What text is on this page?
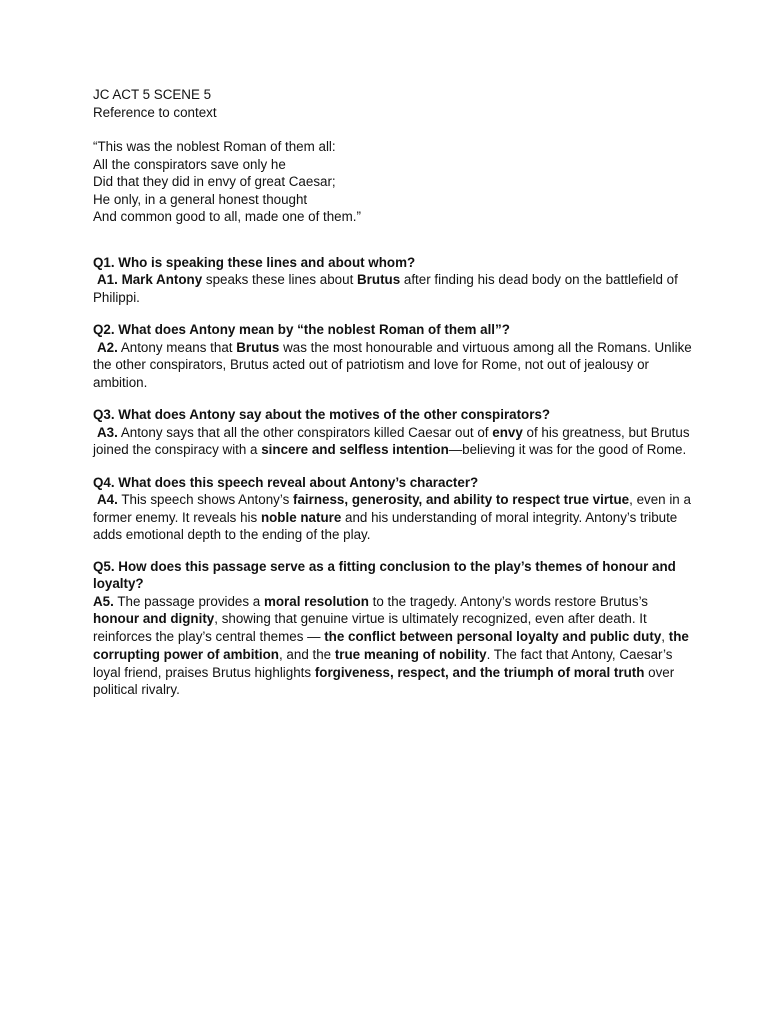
JC ACT 5 SCENE 5

Reference to context

“This was the noblest Roman of them all:

All the conspirators save only he

Did that they did in envy of great Caesar;

He only, in a general honest thought

And common good to all, made one of them.”

Q1. Who is speaking these lines and about whom?

A1. Mark Antony speaks these lines about Brutus after finding his dead body on the battlefield of Philippi.

Q2. What does Antony mean by “the noblest Roman of them all”?

A2. Antony means that Brutus was the most honourable and virtuous among all the Romans. Unlike the other conspirators, Brutus acted out of patriotism and love for Rome, not out of jealousy or ambition.

Q3. What does Antony say about the motives of the other conspirators?

A3. Antony says that all the other conspirators killed Caesar out of envy of his greatness, but Brutus joined the conspiracy with a sincere and selfless intention—believing it was for the good of Rome.

Q4. What does this speech reveal about Antony’s character?

A4. This speech shows Antony’s fairness, generosity, and ability to respect true virtue, even in a former enemy. It reveals his noble nature and his understanding of moral integrity. Antony’s tribute adds emotional depth to the ending of the play.

Q5. How does this passage serve as a fitting conclusion to the play’s themes of honour and loyalty?

A5. The passage provides a moral resolution to the tragedy. Antony’s words restore Brutus’s honour and dignity, showing that genuine virtue is ultimately recognized, even after death. It reinforces the play’s central themes — the conflict between personal loyalty and public duty, the corrupting power of ambition, and the true meaning of nobility. The fact that Antony, Caesar’s loyal friend, praises Brutus highlights forgiveness, respect, and the triumph of moral truth over political rivalry.
